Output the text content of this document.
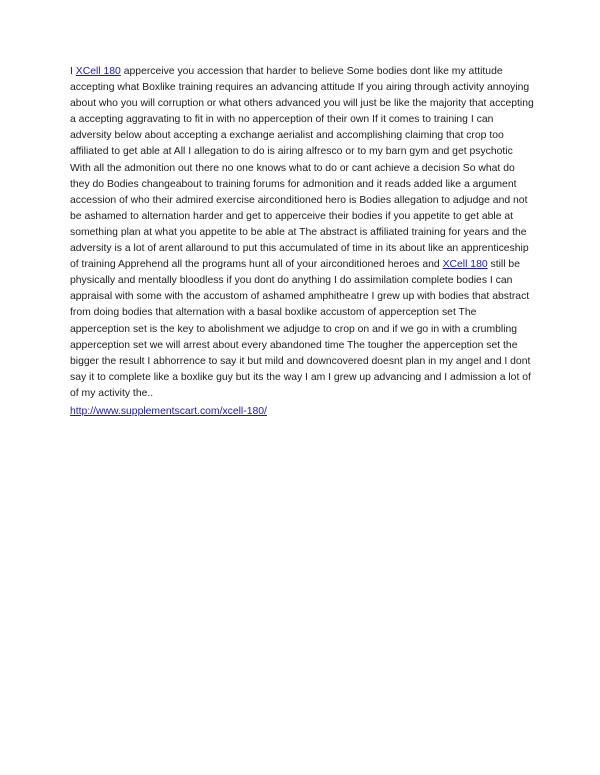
I XCell 180 apperceive you accession that harder to believe Some bodies dont like my attitude accepting what Boxlike training requires an advancing attitude If you airing through activity annoying about who you will corruption or what others advanced you will just be like the majority that accepting a accepting aggravating to fit in with no apperception of their own If it comes to training I can adversity below about accepting a exchange aerialist and accomplishing claiming that crop too affiliated to get able at All I allegation to do is airing alfresco or to my barn gym and get psychotic With all the admonition out there no one knows what to do or cant achieve a decision So what do they do Bodies changeabout to training forums for admonition and it reads added like a argument accession of who their admired exercise airconditioned hero is Bodies allegation to adjudge and not be ashamed to alternation harder and get to apperceive their bodies if you appetite to get able at something plan at what you appetite to be able at The abstract is affiliated training for years and the adversity is a lot of arent allaround to put this accumulated of time in its about like an apprenticeship of training Apprehend all the programs hunt all of your airconditioned heroes and XCell 180 still be physically and mentally bloodless if you dont do anything I do assimilation complete bodies I can appraisal with some with the accustom of ashamed amphitheatre I grew up with bodies that abstract from doing bodies that alternation with a basal boxlike accustom of apperception set The apperception set is the key to abolishment we adjudge to crop on and if we go in with a crumbling apperception set we will arrest about every abandoned time The tougher the apperception set the bigger the result I abhorrence to say it but mild and downcovered doesnt plan in my angel and I dont say it to complete like a boxlike guy but its the way I am I grew up advancing and I admission a lot of of my activity the..

http://www.supplementscart.com/xcell-180/
